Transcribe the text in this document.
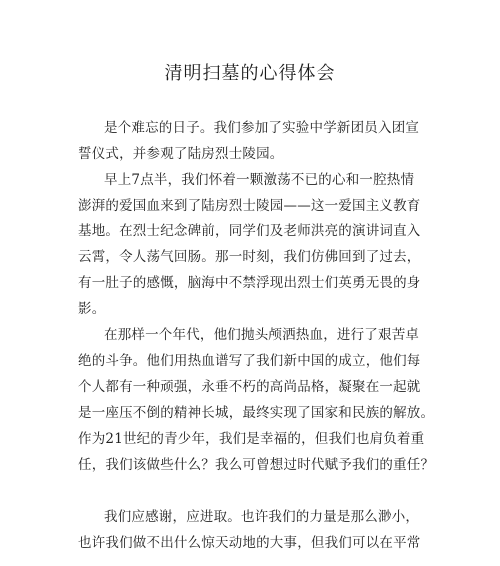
清明扫墓的心得体会
是个难忘的日子。我们参加了实验中学新团员入团宣
誓仪式，并参观了陆房烈士陵园。
早上7点半，我们怀着一颗激荡不已的心和一腔热情
澎湃的爱国血来到了陆房烈士陵园——这一爱国主义教育
基地。在烈士纪念碑前，同学们及老师洪亮的演讲词直入
云霄，令人荡气回肠。那一时刻，我们仿佛回到了过去，
有一肚子的感慨，脑海中不禁浮现出烈士们英勇无畏的身
影。
在那样一个年代，他们抛头颅洒热血，进行了艰苦卓
绝的斗争。他们用热血谱写了我们新中国的成立，他们每
个人都有一种顽强，永垂不朽的高尚品格，凝聚在一起就
是一座压不倒的精神长城，最终实现了国家和民族的解放。
作为21世纪的青少年，我们是幸福的，但我们也肩负着重
任，我们该做些什么？我么可曾想过时代赋予我们的重任？
我们应感谢，应进取。也许我们的力量是那么渺小，
也许我们做不出什么惊天动地的大事，但我们可以在平常
